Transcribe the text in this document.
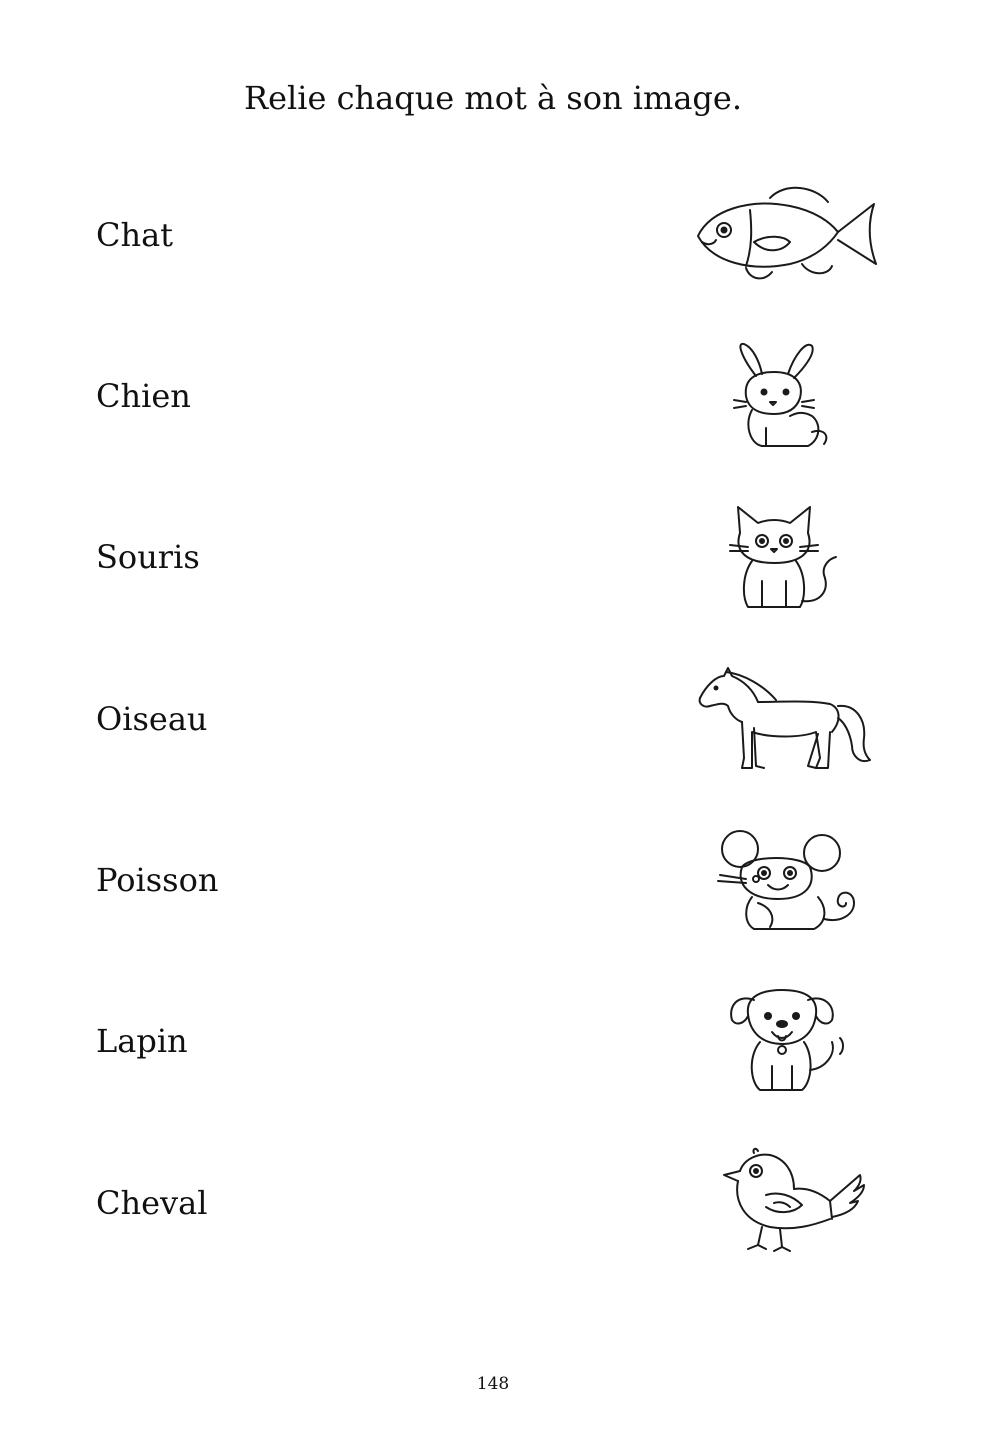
Relie chaque mot à son image.
Chat
Chien
Souris
Oiseau
Poisson
Lapin
Cheval
148
